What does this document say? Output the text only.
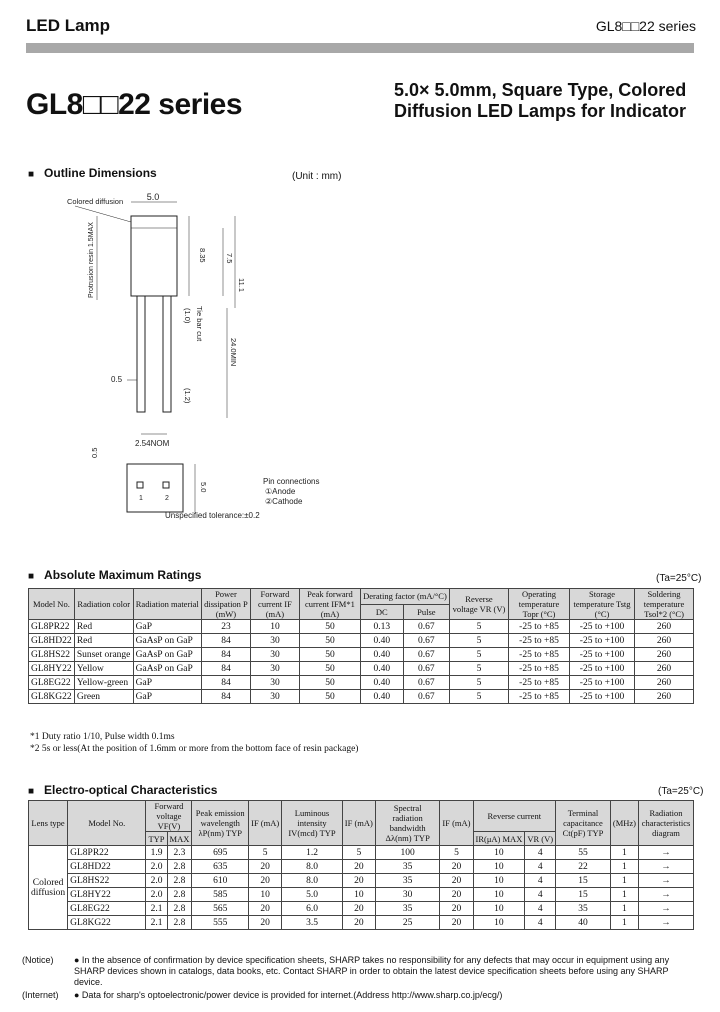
LED Lamp	GL8□□22 series
GL8□□22 series	5.0× 5.0mm, Square Type, Colored Diffusion LED Lamps for Indicator
■ Outline Dimensions	(Unit : mm)
5.0
Colored diffusion
Protrusion resin 1.5MAX	8.35 7.5
11.1
(1.0) Tie bar cut
24.0MIN
0.5
(1.2)
2.54NOM
1	2
0.5
5.0
Pin connections
①Anode
②Cathode
Unspecified tolerance:±0.2
■ Absolute Maximum Ratings	(Ta=25°C)
Model No.	Radiation color	Radiation material	Power dissipation P (mW)	Forward current IF (mA)	Peak forward current IFM*1 (mA)	Derating factor (mA/°C)		Reverse voltage VR (V)	Operating temperature Topr (°C)	Storage temperature Tstg (°C)	Soldering temperature Tsol*2 (°C)
						DC	Pulse				
GL8PR22	Red	GaP	23	10	50	0.13	0.67	5	-25 to +85	-25 to +100	260
GL8HD22	Red	GaAsP on GaP	84	30	50	0.40	0.67	5	-25 to +85	-25 to +100	260
GL8HS22	Sunset orange	GaAsP on GaP	84	30	50	0.40	0.67	5	-25 to +85	-25 to +100	260
GL8HY22	Yellow	GaAsP on GaP	84	30	50	0.40	0.67	5	-25 to +85	-25 to +100	260
GL8EG22	Yellow-green	GaP	84	30	50	0.40	0.67	5	-25 to +85	-25 to +100	260
GL8KG22	Green	GaP	84	30	50	0.40	0.67	5	-25 to +85	-25 to +100	260
*1 Duty ratio 1/10, Pulse width 0.1ms
*2 5s or less(At the position of 1.6mm or more from the bottom face of resin package)
■ Electro-optical Characteristics	(Ta=25°C)
Lens type	Model No.	Forward voltage VF(V)		Peak emission wavelength λP(nm) TYP	IF (mA)	Luminous intensity IV(mcd) TYP	IF (mA)	Spectral radiation bandwidth Δλ(nm) TYP	IF (mA)	Reverse current		Terminal capacitance Ct(pF) TYP	(MHz)	Radiation characteristics diagram
		TYP	MAX							IR(μA) MAX	VR (V)			
Colored diffusion	GL8PR22	1.9	2.3	695	5	1.2	5	100	5	10	4	55	1	→
	GL8HD22	2.0	2.8	635	20	8.0	20	35	20	10	4	22	1	→
	GL8HS22	2.0	2.8	610	20	8.0	20	35	20	10	4	15	1	→
	GL8HY22	2.0	2.8	585	10	5.0	10	30	20	10	4	15	1	→
	GL8EG22	2.1	2.8	565	20	6.0	20	35	20	10	4	35	1	→
	GL8KG22	2.1	2.8	555	20	3.5	20	25	20	10	4	40	1	→
(Notice)	● In the absence of confirmation by device specification sheets, SHARP takes no responsibility for any defects that may occur in equipment using any SHARP devices shown in catalogs, data books, etc. Contact SHARP in order to obtain the latest device specification sheets before using any SHARP device.
(Internet)	● Data for sharp's optoelectronic/power device is provided for internet.(Address http://www.sharp.co.jp/ecg/)
